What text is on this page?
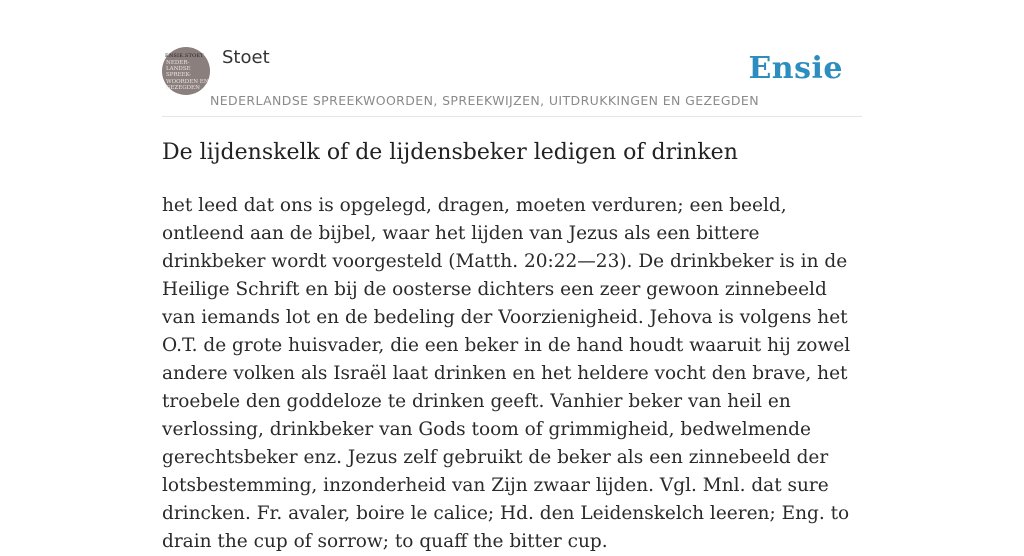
ENSIE.STOET
NEDER-
LANDSE
SPREEK-
WOORDEN EN
GEZEGDEN
Stoet
NEDERLANDSE SPREEKWOORDEN, SPREEKWIJZEN, UITDRUKKINGEN EN GEZEGDEN
Ensie
De lijdenskelk of de lijdensbeker ledigen of drinken

het leed dat ons is opgelegd, dragen, moeten verduren; een beeld, ontleend aan de bijbel, waar het lijden van Jezus als een bittere drinkbeker wordt voorgesteld (Matth. 20:22—23). De drinkbeker is in de Heilige Schrift en bij de oosterse dichters een zeer gewoon zinnebeeld van iemands lot en de bedeling der Voorzienigheid. Jehova is volgens het O.T. de grote huisvader, die een beker in de hand houdt waaruit hij zowel andere volken als Israël laat drinken en het heldere vocht den brave, het troebele den goddeloze te drinken geeft. Vanhier beker van heil en verlossing, drinkbeker van Gods toom of grimmigheid, bedwelmende gerechtsbeker enz. Jezus zelf gebruikt de beker als een zinnebeeld der lotsbestemming, inzonderheid van Zijn zwaar lijden. Vgl. Mnl. dat sure drincken. Fr. avaler, boire le calice; Hd. den Leidenskelch leeren; Eng. to drain the cup of sorrow; to quaff the bitter cup.
